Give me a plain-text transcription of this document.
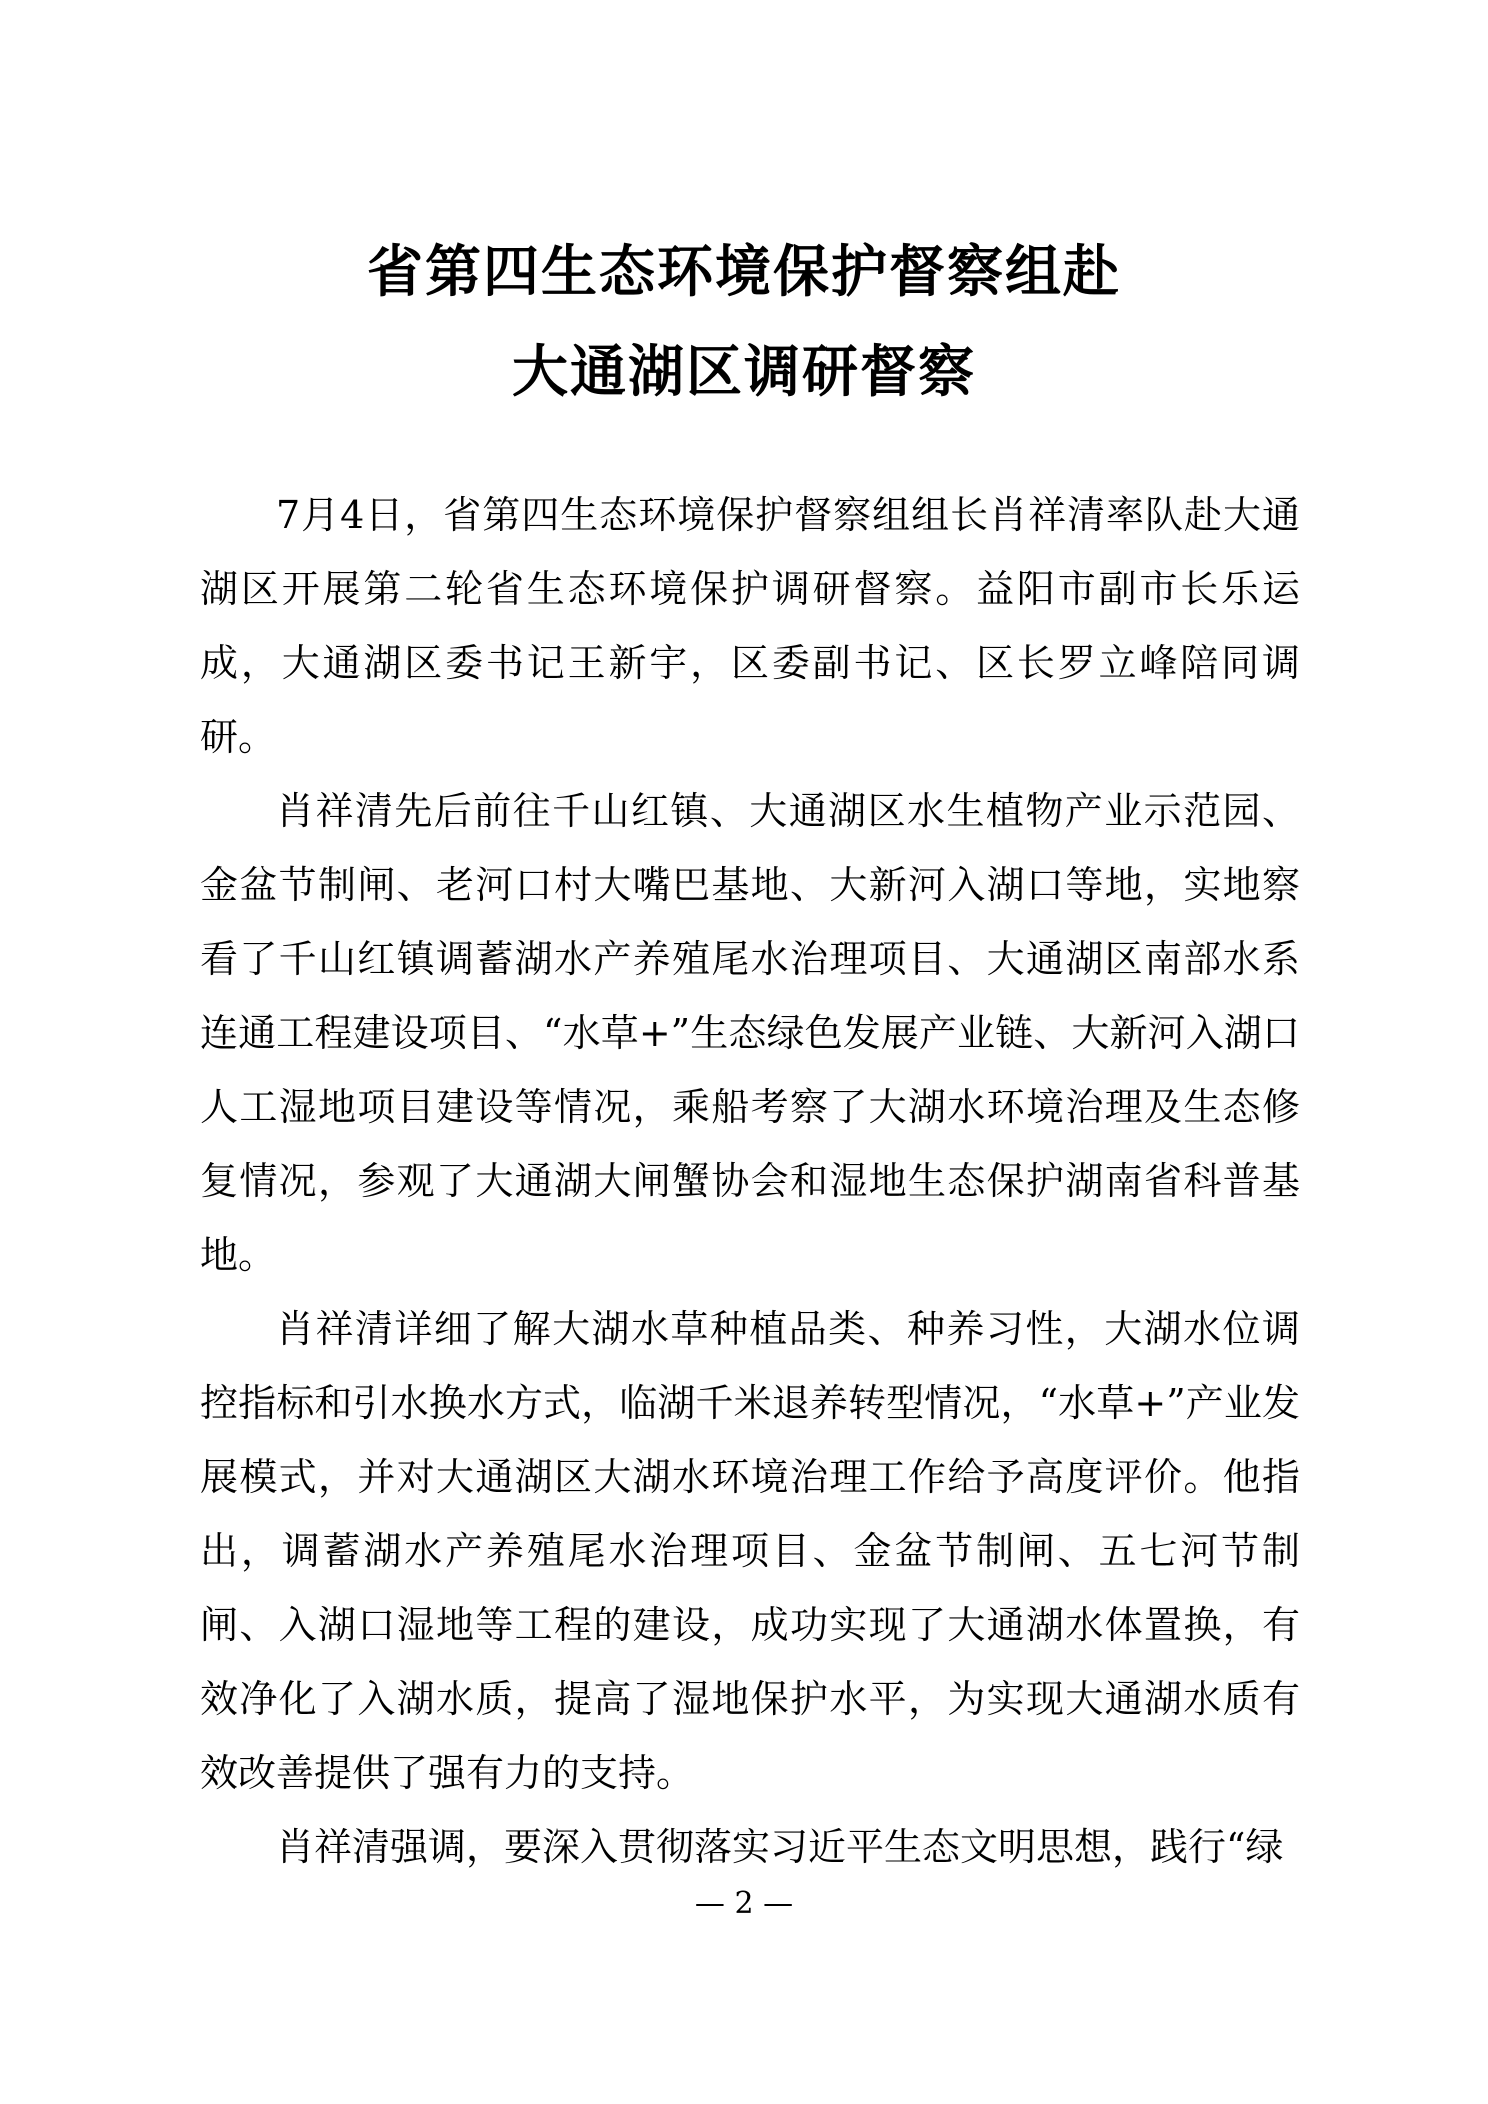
省第四生态环境保护督察组赴
大通湖区调研督察

7月4日，省第四生态环境保护督察组组长肖祥清率队赴大通湖区开展第二轮省生态环境保护调研督察。益阳市副市长乐运成，大通湖区委书记王新宇，区委副书记、区长罗立峰陪同调研。

肖祥清先后前往千山红镇、大通湖区水生植物产业示范园、金盆节制闸、老河口村大嘴巴基地、大新河入湖口等地，实地察看了千山红镇调蓄湖水产养殖尾水治理项目、大通湖区南部水系连通工程建设项目、“水草+”生态绿色发展产业链、大新河入湖口人工湿地项目建设等情况，乘船考察了大湖水环境治理及生态修复情况，参观了大通湖大闸蟹协会和湿地生态保护湖南省科普基地。

肖祥清详细了解大湖水草种植品类、种养习性，大湖水位调控指标和引水换水方式，临湖千米退养转型情况，“水草+”产业发展模式，并对大通湖区大湖水环境治理工作给予高度评价。他指出，调蓄湖水产养殖尾水治理项目、金盆节制闸、五七河节制闸、入湖口湿地等工程的建设，成功实现了大通湖水体置换，有效净化了入湖水质，提高了湿地保护水平，为实现大通湖水质有效改善提供了强有力的支持。

肖祥清强调，要深入贯彻落实习近平生态文明思想，践行“绿

— 2 —
